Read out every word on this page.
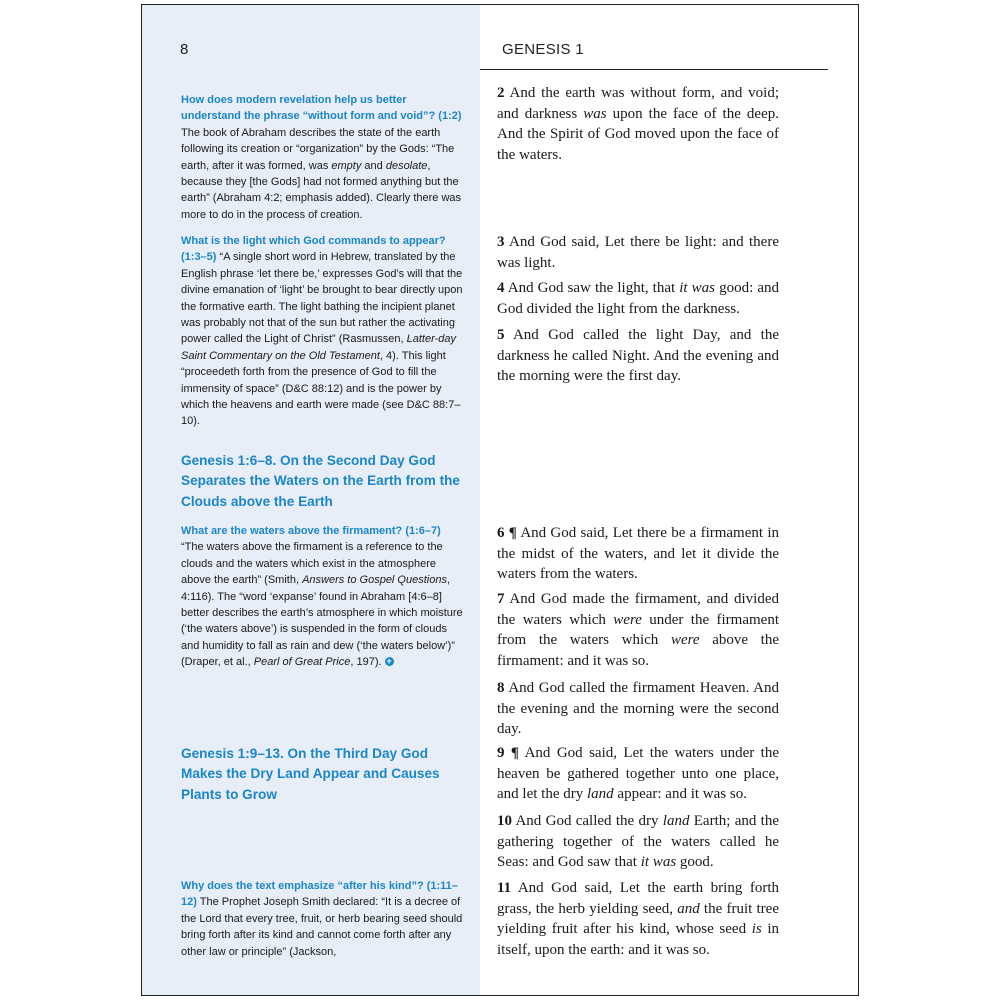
8	GENESIS 1
How does modern revelation help us better understand the phrase “without form and void”? (1:2)
The book of Abraham describes the state of the earth following its creation or “organization” by the Gods: “The earth, after it was formed, was empty and desolate, because they [the Gods] had not formed anything but the earth” (Abraham 4:2; emphasis added). Clearly there was more to do in the process of creation.
What is the light which God commands to appear? (1:3–5) “A single short word in Hebrew, translated by the English phrase ‘let there be,’ expresses God’s will that the divine emanation of ‘light’ be brought to bear directly upon the formative earth. The light bathing the incipient planet was probably not that of the sun but rather the activating power called the Light of Christ” (Rasmussen, Latter-day Saint Commentary on the Old Testament, 4). This light “proceedeth forth from the presence of God to fill the immensity of space” (D&C 88:12) and is the power by which the heavens and earth were made (see D&C 88:7–10).
Genesis 1:6–8. On the Second Day God Separates the Waters on the Earth from the Clouds above the Earth
What are the waters above the firmament? (1:6–7)
“The waters above the firmament is a reference to the clouds and the waters which exist in the atmosphere above the earth” (Smith, Answers to Gospel Questions, 4:116). The “word ‘expanse’ found in Abraham [4:6–8] better describes the earth’s atmosphere in which moisture (‘the waters above’) is suspended in the form of clouds and humidity to fall as rain and dew (‘the waters below’)” (Draper, et al., Pearl of Great Price, 197). +
Genesis 1:9–13. On the Third Day God Makes the Dry Land Appear and Causes Plants to Grow
Why does the text emphasize “after his kind”? (1:11–12) The Prophet Joseph Smith declared: “It is a decree of the Lord that every tree, fruit, or herb bearing seed should bring forth after its kind and cannot come forth after any other law or principle” (Jackson,
2 And the earth was without form, and void; and darkness was upon the face of the deep. And the Spirit of God moved upon the face of the waters.
3 And God said, Let there be light: and there was light.
4 And God saw the light, that it was good: and God divided the light from the darkness.
5 And God called the light Day, and the darkness he called Night. And the evening and the morning were the first day.
6 ¶ And God said, Let there be a firmament in the midst of the waters, and let it divide the waters from the waters.
7 And God made the firmament, and divided the waters which were under the firmament from the waters which were above the firmament: and it was so.
8 And God called the firmament Heaven. And the evening and the morning were the second day.
9 ¶ And God said, Let the waters under the heaven be gathered together unto one place, and let the dry land appear: and it was so.
10 And God called the dry land Earth; and the gathering together of the waters called he Seas: and God saw that it was good.
11 And God said, Let the earth bring forth grass, the herb yielding seed, and the fruit tree yielding fruit after his kind, whose seed is in itself, upon the earth: and it was so.
